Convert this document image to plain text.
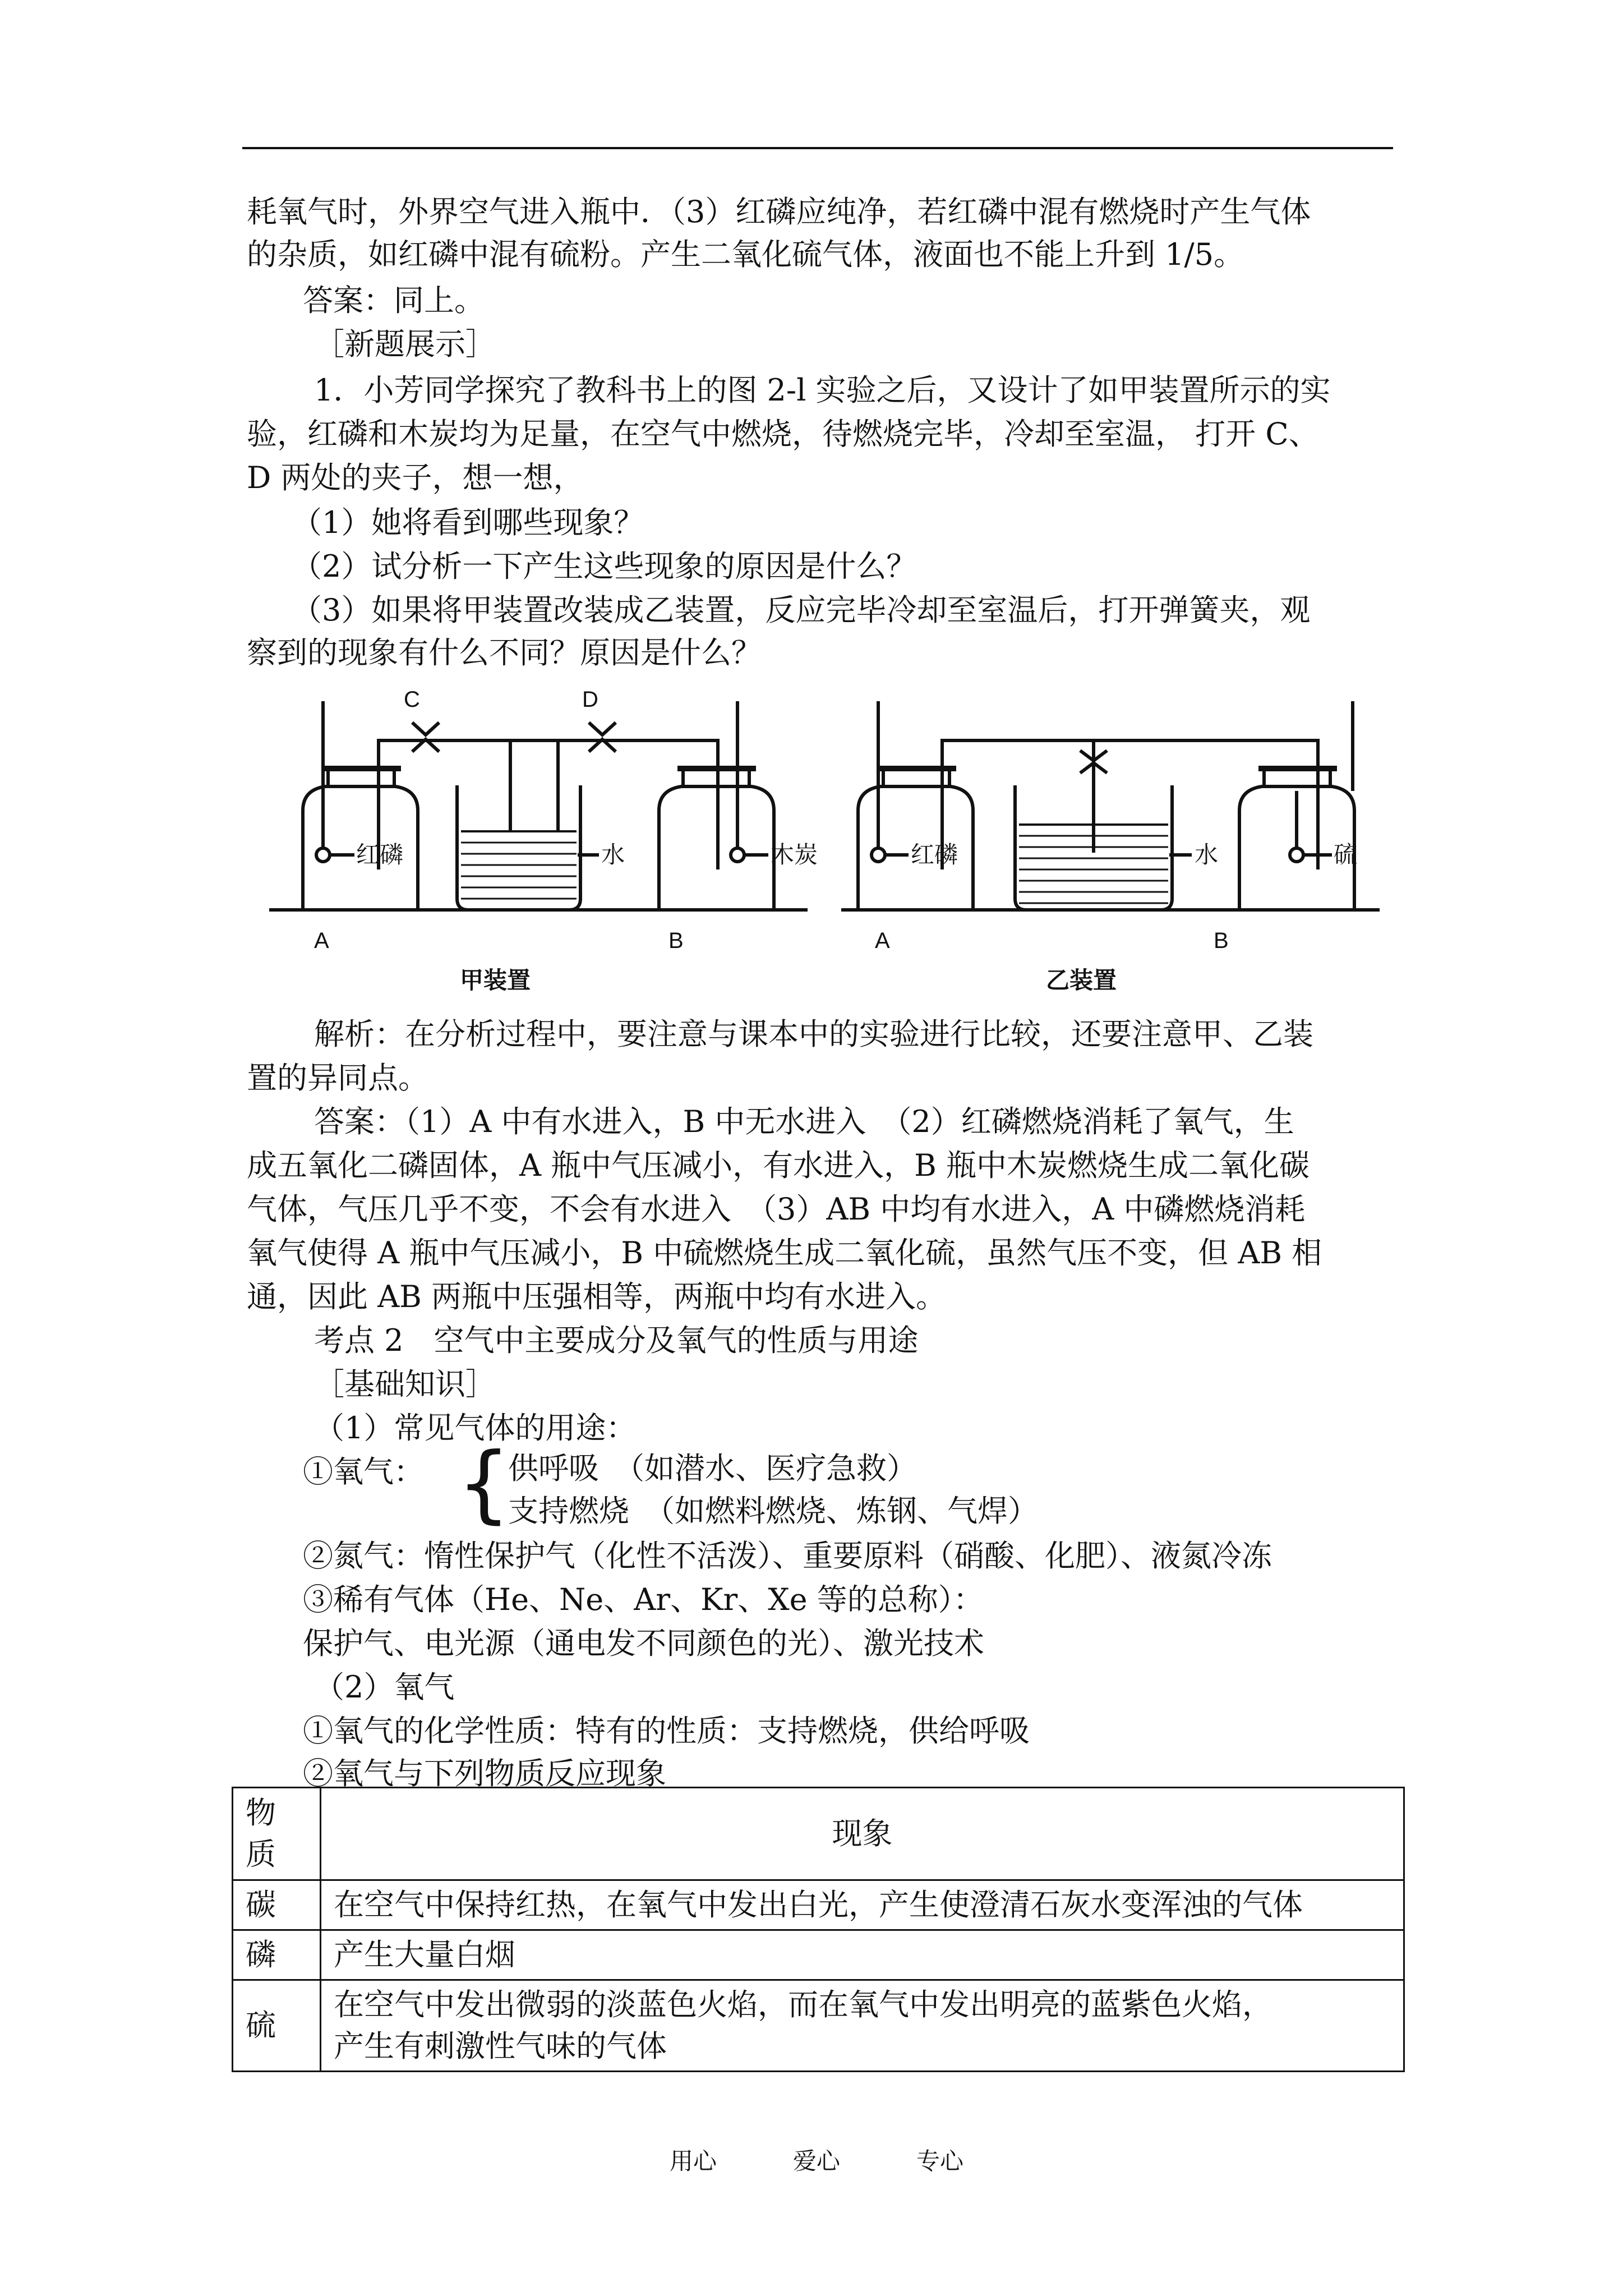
耗氧气时，外界空气进入瓶中．（3）红磷应纯净，若红磷中混有燃烧时产生气体
的杂质，如红磷中混有硫粉。产生二氧化硫气体，液面也不能上升到 1/5。
答案：同上。
［新题展示］
1．小芳同学探究了教科书上的图 2-l 实验之后，又设计了如甲装置所示的实
验，红磷和木炭均为足量，在空气中燃烧，待燃烧完毕，冷却至室温， 打开 C、
D 两处的夹子，想一想，
（1）她将看到哪些现象？
（2）试分析一下产生这些现象的原因是什么？
（3）如果将甲装置改装成乙装置，反应完毕冷却至室温后，打开弹簧夹，观
察到的现象有什么不同？原因是什么？
C	D
A	B	A	B
红磷	水	木炭	红磷	水	硫
甲装置	乙装置
解析：在分析过程中，要注意与课本中的实验进行比较，还要注意甲、乙装
置的异同点。
答案：（1）A 中有水进入，B 中无水进入　（2）红磷燃烧消耗了氧气，生
成五氧化二磷固体，A 瓶中气压减小，有水进入，B 瓶中木炭燃烧生成二氧化碳
气体，气压几乎不变，不会有水进入　（3）AB 中均有水进入，A 中磷燃烧消耗
氧气使得 A 瓶中气压减小，B 中硫燃烧生成二氧化硫，虽然气压不变，但 AB 相
通，因此 AB 两瓶中压强相等，两瓶中均有水进入。
考点 2　空气中主要成分及氧气的性质与用途
［基础知识］
（1）常见气体的用途：
①氧气： {
供呼吸　（如潜水、医疗急救）
支持燃烧　（如燃料燃烧、炼钢、气焊）
②氮气：惰性保护气（化性不活泼）、重要原料（硝酸、化肥）、液氮冷冻
③稀有气体（He、Ne、Ar、Kr、Xe 等的总称）：
保护气、电光源（通电发不同颜色的光）、激光技术
（2）氧气
①氧气的化学性质：特有的性质：支持燃烧，供给呼吸
②氧气与下列物质反应现象
物
质	现象
碳	在空气中保持红热，在氧气中发出白光，产生使澄清石灰水变浑浊的气体
磷	产生大量白烟
硫	在空气中发出微弱的淡蓝色火焰，而在氧气中发出明亮的蓝紫色火焰，
产生有刺激性气味的气体
用心	爱心	专心
